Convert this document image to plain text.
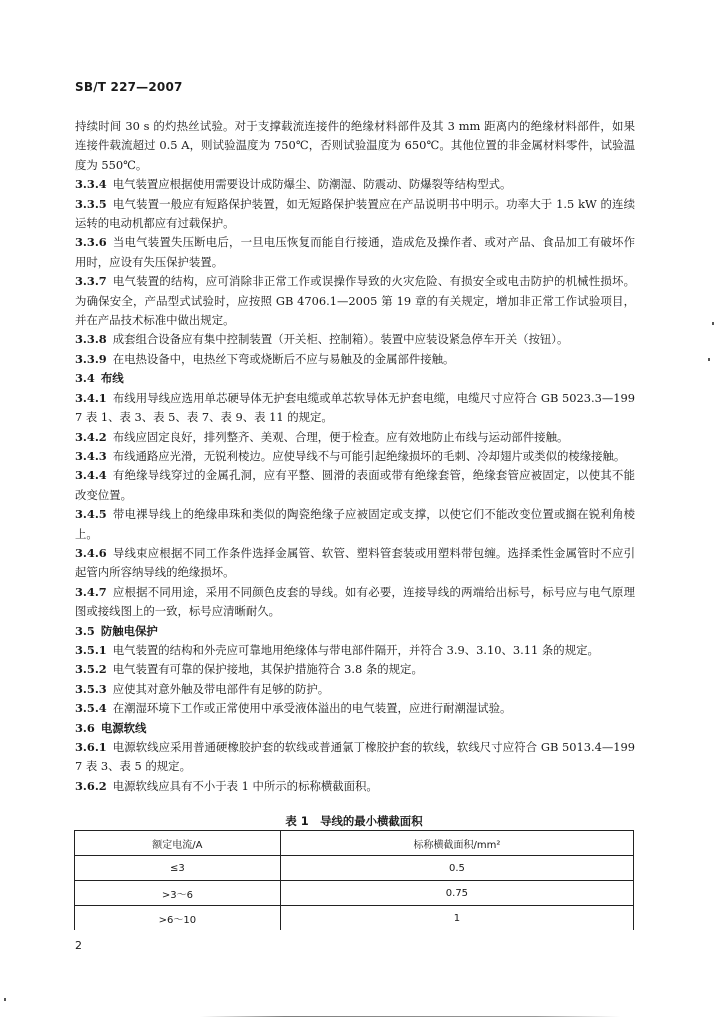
SB/T 227—2007

持续时间 30 s 的灼热丝试验。对于支撑载流连接件的绝缘材料部件及其 3 mm 距离内的绝缘材料部件，如果连接件载流超过 0.5 A，则试验温度为 750℃，否则试验温度为 650℃。其他位置的非金属材料零件，试验温度为 550℃。

3.3.4 电气装置应根据使用需要设计成防爆尘、防潮湿、防震动、防爆裂等结构型式。

3.3.5 电气装置一般应有短路保护装置，如无短路保护装置应在产品说明书中明示。功率大于 1.5 kW 的连续运转的电动机都应有过载保护。

3.3.6 当电气装置失压断电后，一旦电压恢复而能自行接通，造成危及操作者、或对产品、食品加工有破坏作用时，应设有失压保护装置。

3.3.7 电气装置的结构，应可消除非正常工作或误操作导致的火灾危险、有损安全或电击防护的机械性损坏。为确保安全，产品型式试验时，应按照 GB 4706.1—2005 第 19 章的有关规定，增加非正常工作试验项目，并在产品技术标准中做出规定。

3.3.8 成套组合设备应有集中控制装置（开关柜、控制箱）。装置中应装设紧急停车开关（按钮）。

3.3.9 在电热设备中，电热丝下弯或烧断后不应与易触及的金属部件接触。

3.4 布线

3.4.1 布线用导线应选用单芯硬导体无护套电缆或单芯软导体无护套电缆，电缆尺寸应符合 GB 5023.3—1997 表 1、表 3、表 5、表 7、表 9、表 11 的规定。

3.4.2 布线应固定良好，排列整齐、美观、合理，便于检查。应有效地防止布线与运动部件接触。

3.4.3 布线通路应光滑，无锐利棱边。应使导线不与可能引起绝缘损坏的毛刺、冷却翅片或类似的棱缘接触。

3.4.4 有绝缘导线穿过的金属孔洞，应有平整、圆滑的表面或带有绝缘套管，绝缘套管应被固定，以使其不能改变位置。

3.4.5 带电裸导线上的绝缘串珠和类似的陶瓷绝缘子应被固定或支撑，以使它们不能改变位置或搁在锐利角棱上。

3.4.6 导线束应根据不同工作条件选择金属管、软管、塑料管套装或用塑料带包缠。选择柔性金属管时不应引起管内所容纳导线的绝缘损坏。

3.4.7 应根据不同用途，采用不同颜色皮套的导线。如有必要，连接导线的两端给出标号，标号应与电气原理图或接线图上的一致，标号应清晰耐久。

3.5 防触电保护

3.5.1 电气装置的结构和外壳应可靠地用绝缘体与带电部件隔开，并符合 3.9、3.10、3.11 条的规定。

3.5.2 电气装置有可靠的保护接地，其保护措施符合 3.8 条的规定。

3.5.3 应使其对意外触及带电部件有足够的防护。

3.5.4 在潮湿环境下工作或正常使用中承受液体溢出的电气装置，应进行耐潮湿试验。

3.6 电源软线

3.6.1 电源软线应采用普通硬橡胶护套的软线或普通氯丁橡胶护套的软线，软线尺寸应符合 GB 5013.4—1997 表 3、表 5 的规定。

3.6.2 电源软线应具有不小于表 1 中所示的标称横截面积。

表 1　导线的最小横截面积
额定电流/A	标称横截面积/mm²
≤3	0.5
>3～6	0.75
>6～10	1
2
